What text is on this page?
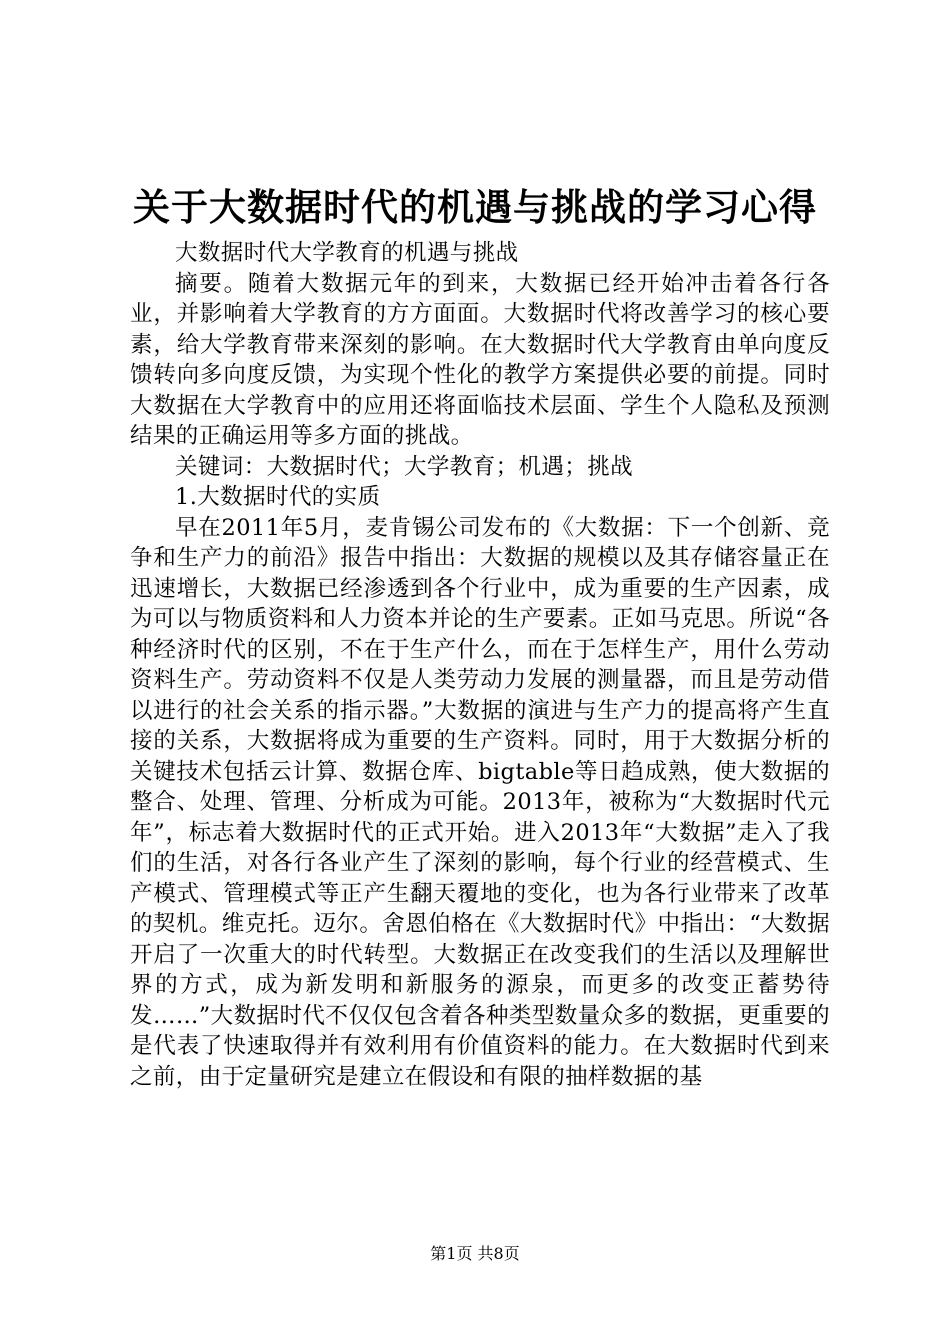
关于大数据时代的机遇与挑战的学习心得

大数据时代大学教育的机遇与挑战

摘要。随着大数据元年的到来，大数据已经开始冲击着各行各业，并影响着大学教育的方方面面。大数据时代将改善学习的核心要素，给大学教育带来深刻的影响。在大数据时代大学教育由单向度反馈转向多向度反馈，为实现个性化的教学方案提供必要的前提。同时大数据在大学教育中的应用还将面临技术层面、学生个人隐私及预测结果的正确运用等多方面的挑战。

关键词：大数据时代；大学教育；机遇；挑战

1.大数据时代的实质

早在2011年5月，麦肯锡公司发布的《大数据：下一个创新、竞争和生产力的前沿》报告中指出：大数据的规模以及其存储容量正在迅速增长，大数据已经渗透到各个行业中，成为重要的生产因素，成为可以与物质资料和人力资本并论的生产要素。正如马克思。所说“各种经济时代的区别，不在于生产什么，而在于怎样生产，用什么劳动资料生产。劳动资料不仅是人类劳动力发展的测量器，而且是劳动借以进行的社会关系的指示器。”大数据的演进与生产力的提高将产生直接的关系，大数据将成为重要的生产资料。同时，用于大数据分析的关键技术包括云计算、数据仓库、bigtable等日趋成熟，使大数据的整合、处理、管理、分析成为可能。2013年，被称为“大数据时代元年”，标志着大数据时代的正式开始。进入2013年“大数据”走入了我们的生活，对各行各业产生了深刻的影响，每个行业的经营模式、生产模式、管理模式等正产生翻天覆地的变化，也为各行业带来了改革的契机。维克托。迈尔。舍恩伯格在《大数据时代》中指出：“大数据开启了一次重大的时代转型。大数据正在改变我们的生活以及理解世界的方式，成为新发明和新服务的源泉，而更多的改变正蓄势待发……”大数据时代不仅仅包含着各种类型数量众多的数据，更重要的是代表了快速取得并有效利用有价值资料的能力。在大数据时代到来之前，由于定量研究是建立在假设和有限的抽样数据的基

第1页 共8页
